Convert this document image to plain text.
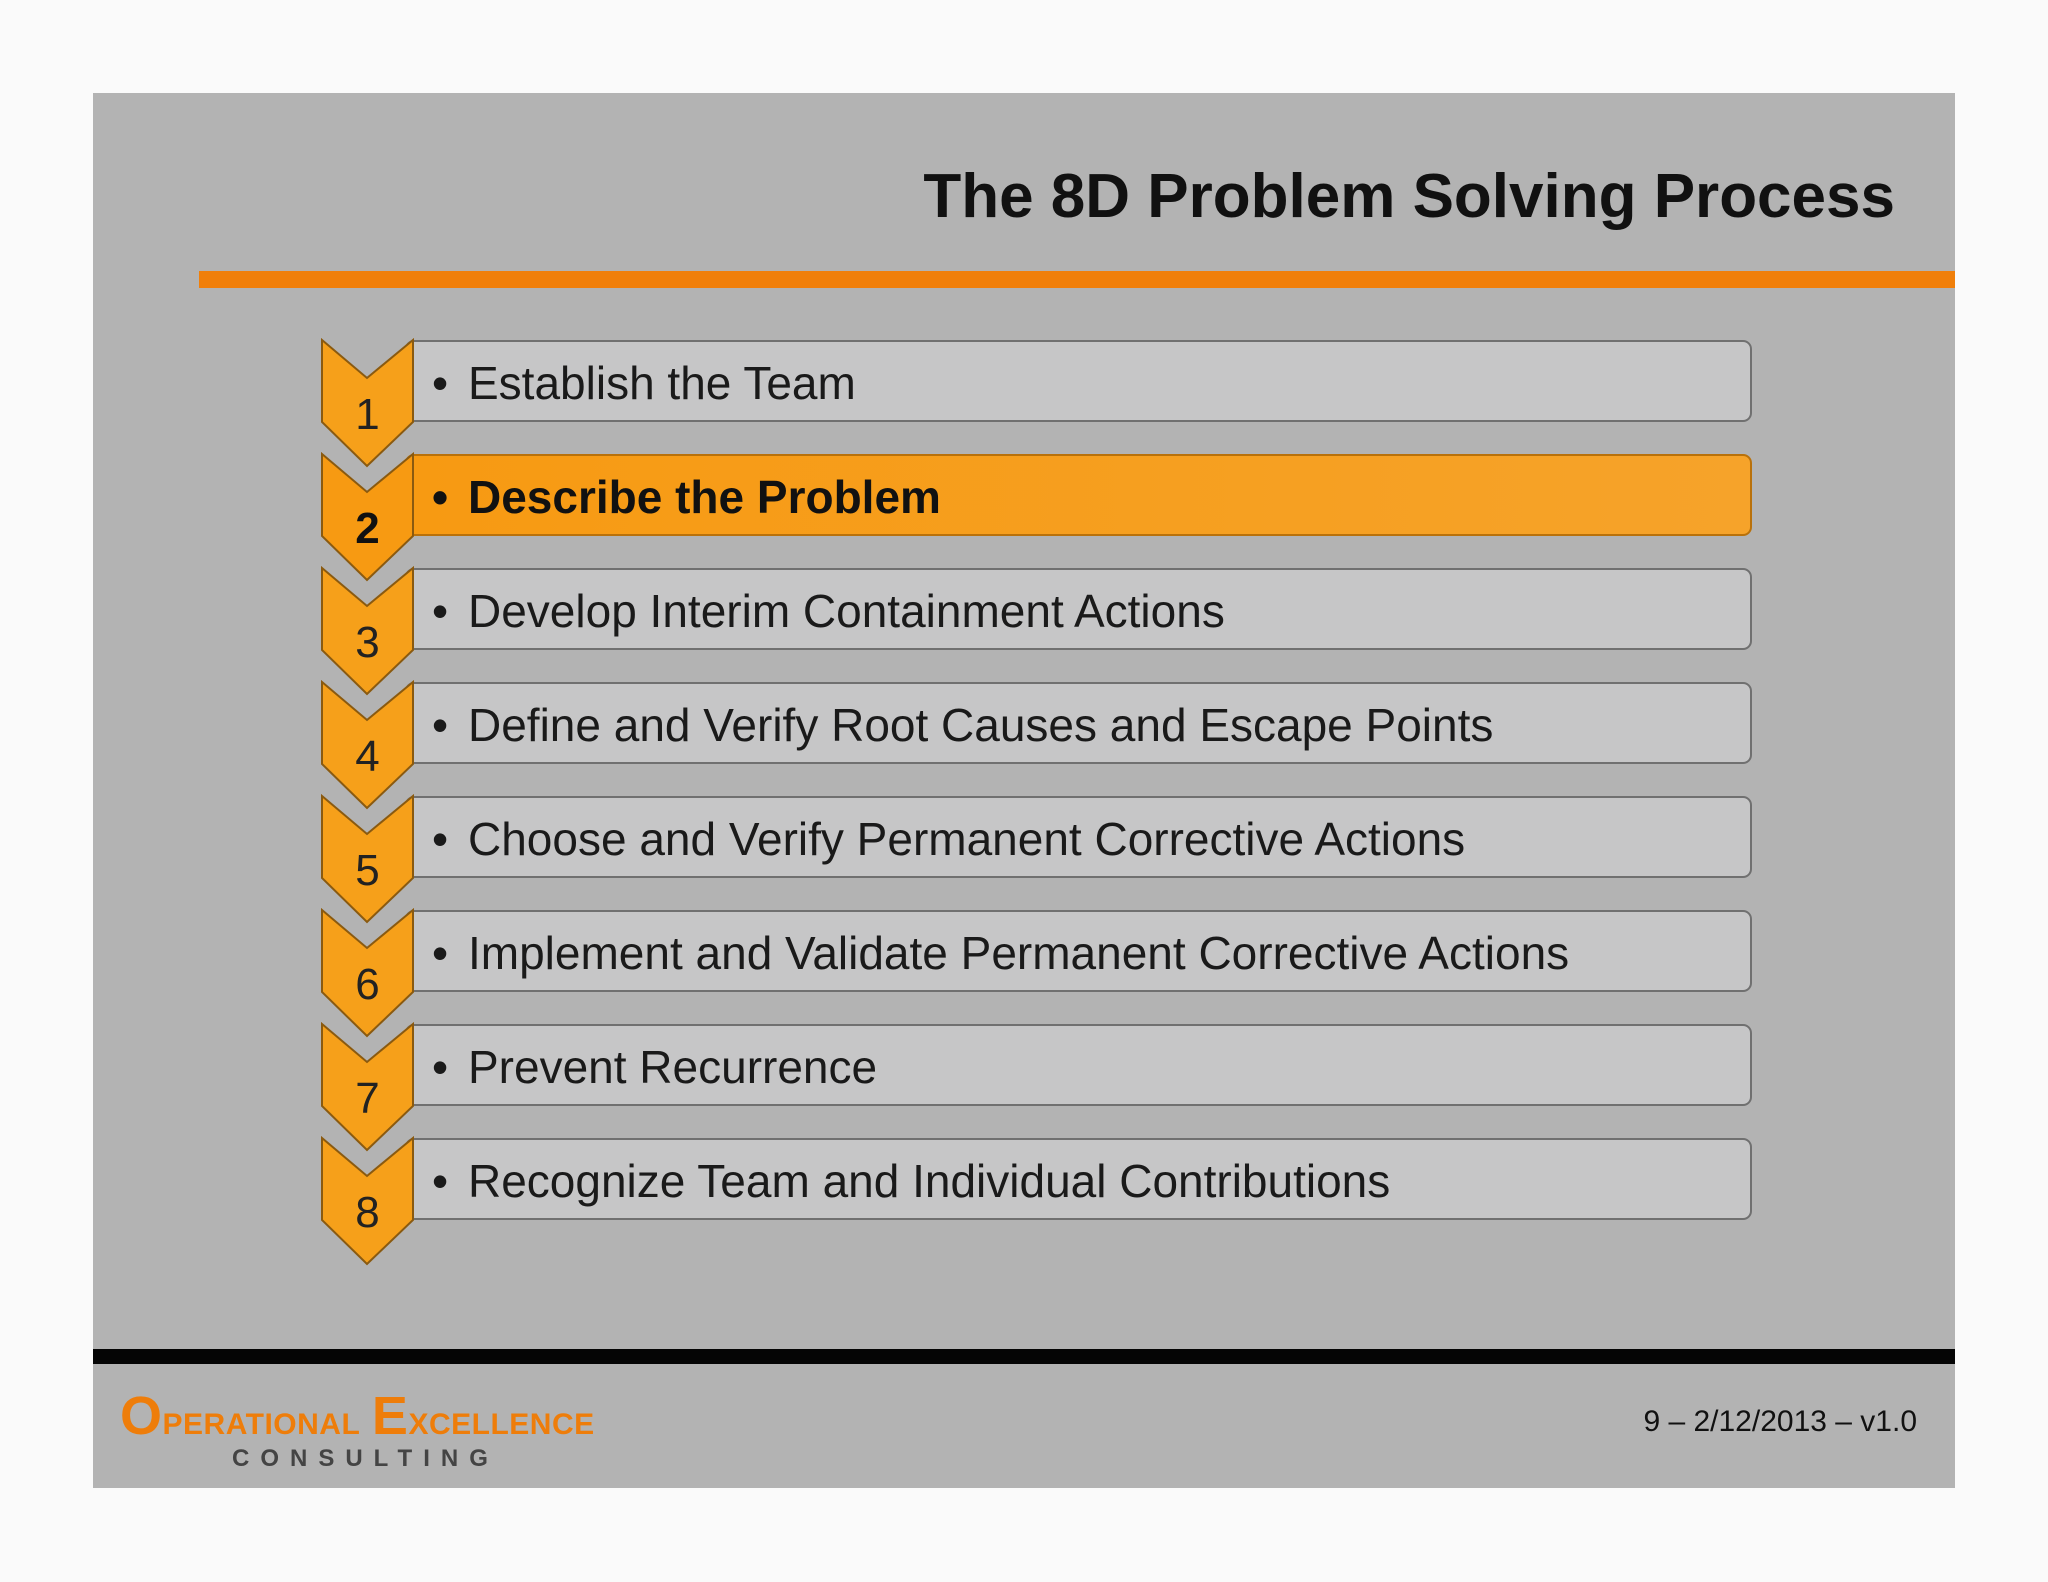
The 8D Problem Solving Process
1
• Establish the Team
2
• Describe the Problem
3
• Develop Interim Containment Actions
4
• Define and Verify Root Causes and Escape Points
5
• Choose and Verify Permanent Corrective Actions
6
• Implement and Validate Permanent Corrective Actions
7
• Prevent Recurrence
8
• Recognize Team and Individual Contributions
OPERATIONAL EXCELLENCE
CONSULTING
9 – 2/12/2013 – v1.0
